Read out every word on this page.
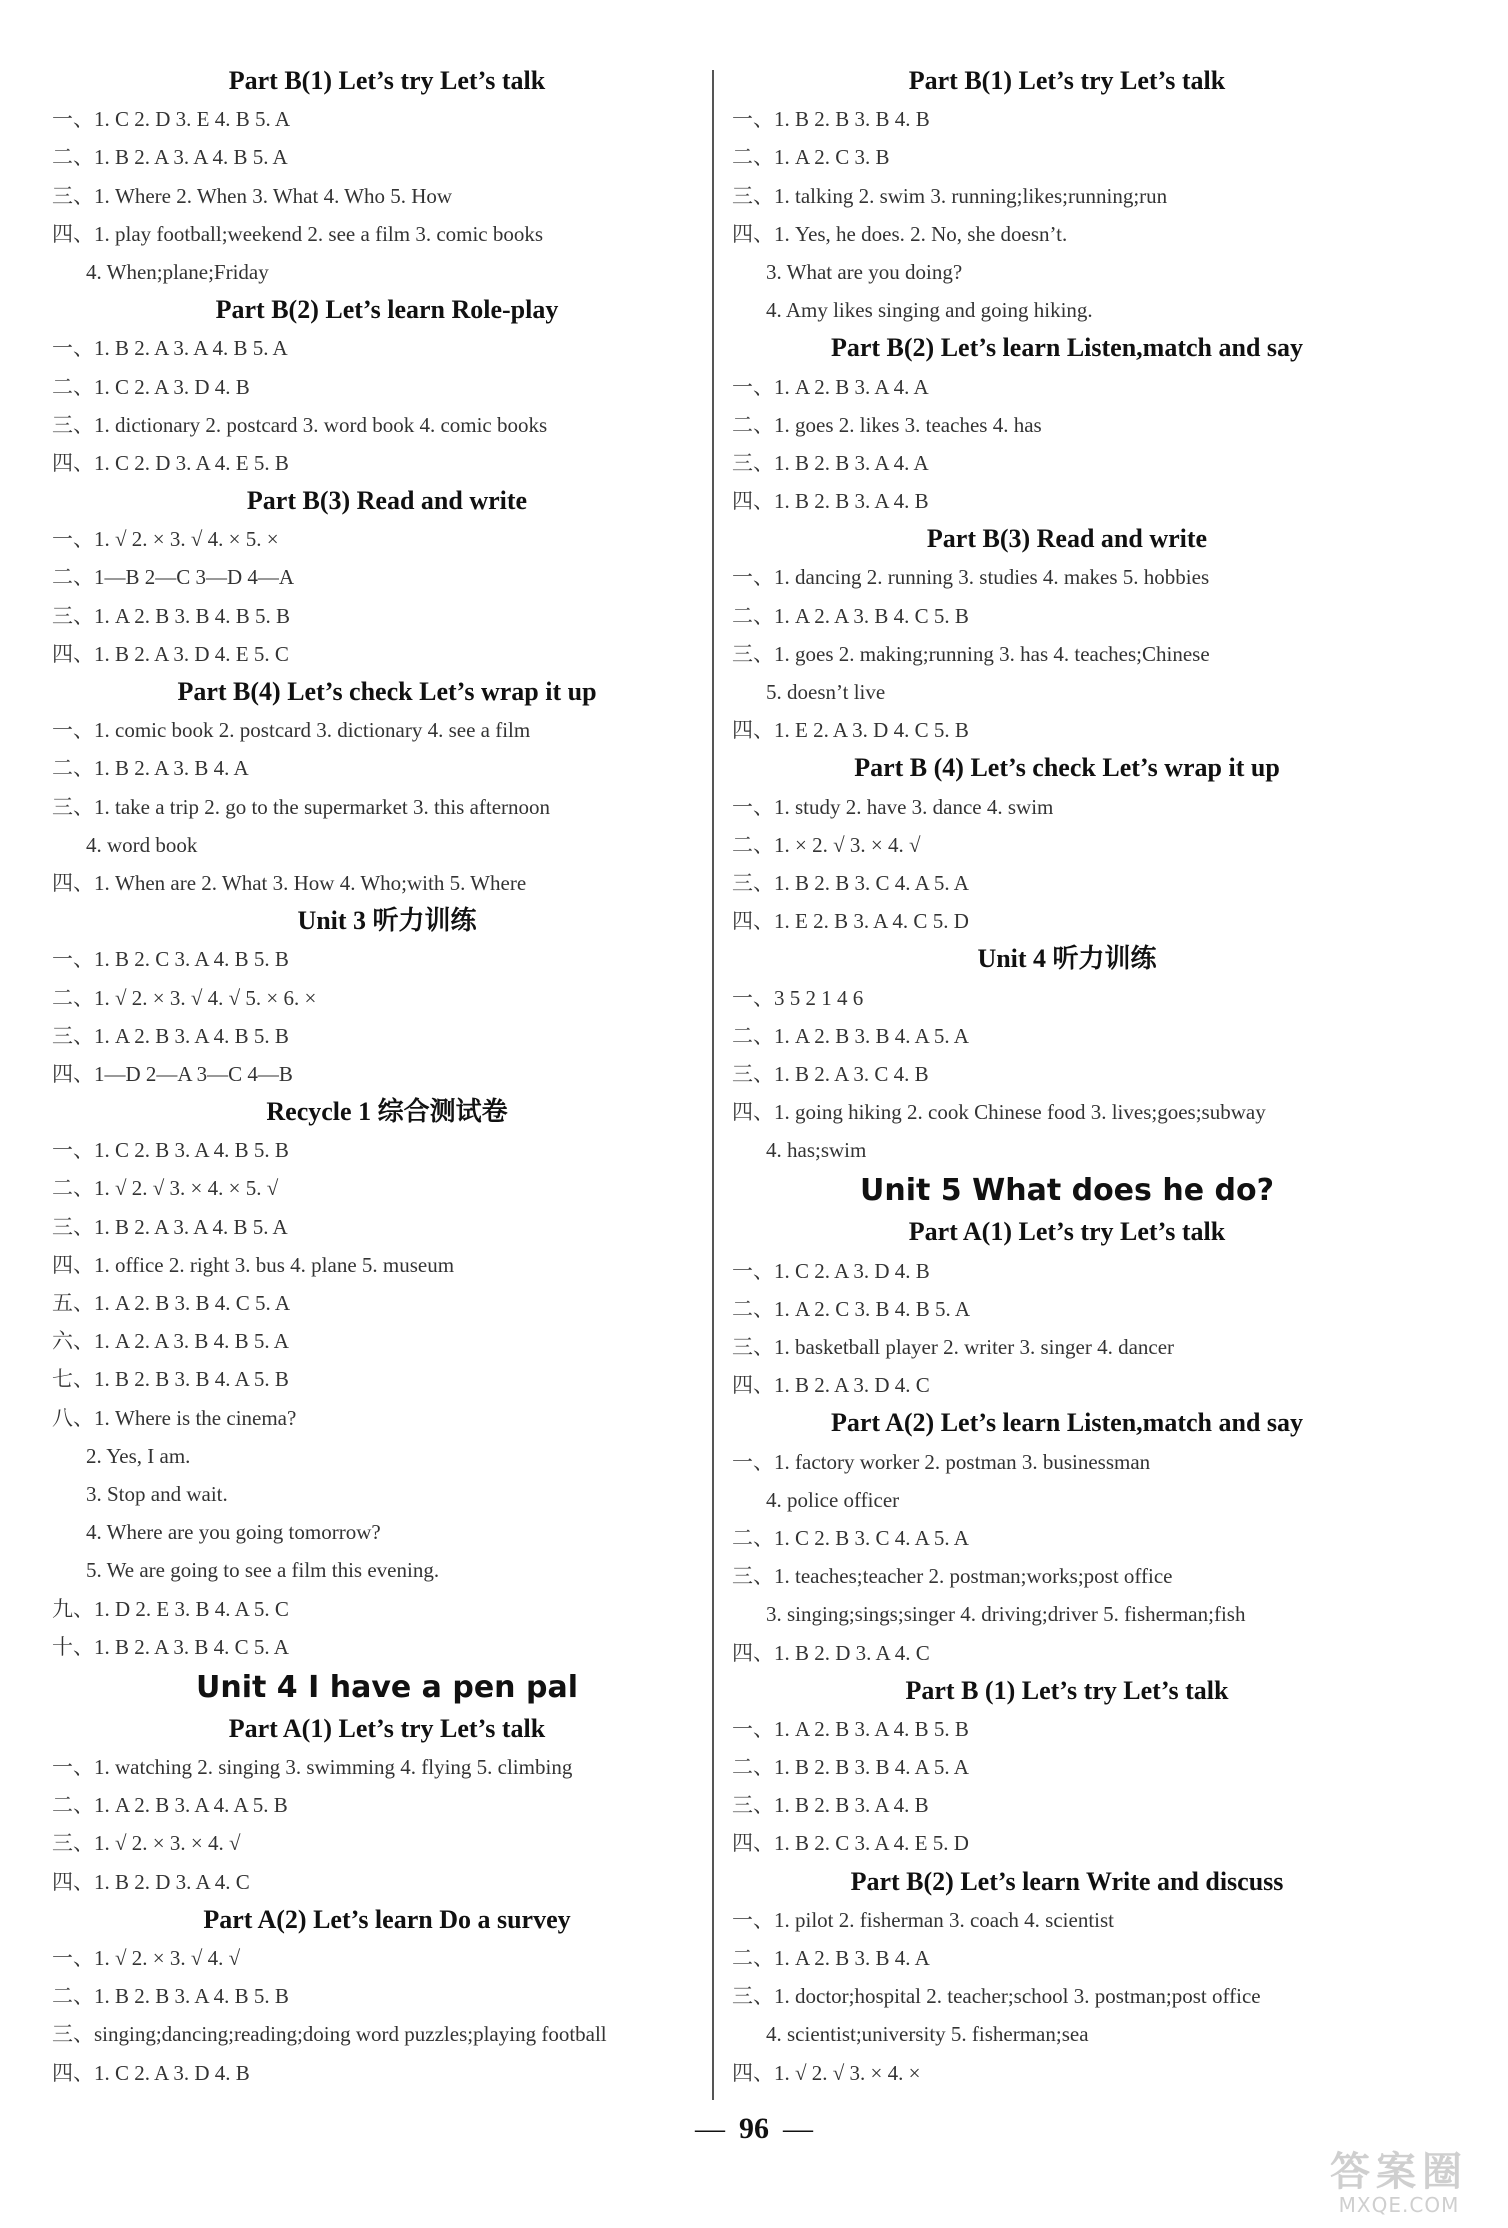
Part B(1) Let’s try Let’s talk
一、1. C 2. D 3. E 4. B 5. A
二、1. B 2. A 3. A 4. B 5. A
三、1. Where 2. When 3. What 4. Who 5. How
四、1. play football;weekend 2. see a film 3. comic books
4. When;plane;Friday
Part B(2) Let’s learn Role-play
一、1. B 2. A 3. A 4. B 5. A
二、1. C 2. A 3. D 4. B
三、1. dictionary 2. postcard 3. word book 4. comic books
四、1. C 2. D 3. A 4. E 5. B
Part B(3) Read and write
一、1. √ 2. × 3. √ 4. × 5. ×
二、1—B 2—C 3—D 4—A
三、1. A 2. B 3. B 4. B 5. B
四、1. B 2. A 3. D 4. E 5. C
Part B(4) Let’s check Let’s wrap it up
一、1. comic book 2. postcard 3. dictionary 4. see a film
二、1. B 2. A 3. B 4. A
三、1. take a trip 2. go to the supermarket 3. this afternoon
4. word book
四、1. When are 2. What 3. How 4. Who;with 5. Where
Unit 3 听力训练
一、1. B 2. C 3. A 4. B 5. B
二、1. √ 2. × 3. √ 4. √ 5. × 6. ×
三、1. A 2. B 3. A 4. B 5. B
四、1—D 2—A 3—C 4—B
Recycle 1 综合测试卷
一、1. C 2. B 3. A 4. B 5. B
二、1. √ 2. √ 3. × 4. × 5. √
三、1. B 2. A 3. A 4. B 5. A
四、1. office 2. right 3. bus 4. plane 5. museum
五、1. A 2. B 3. B 4. C 5. A
六、1. A 2. A 3. B 4. B 5. A
七、1. B 2. B 3. B 4. A 5. B
八、1. Where is the cinema?
2. Yes, I am.
3. Stop and wait.
4. Where are you going tomorrow?
5. We are going to see a film this evening.
九、1. D 2. E 3. B 4. A 5. C
十、1. B 2. A 3. B 4. C 5. A
Unit 4 I have a pen pal
Part A(1) Let’s try Let’s talk
一、1. watching 2. singing 3. swimming 4. flying 5. climbing
二、1. A 2. B 3. A 4. A 5. B
三、1. √ 2. × 3. × 4. √
四、1. B 2. D 3. A 4. C
Part A(2) Let’s learn Do a survey
一、1. √ 2. × 3. √ 4. √
二、1. B 2. B 3. A 4. B 5. B
三、singing;dancing;reading;doing word puzzles;playing football
四、1. C 2. A 3. D 4. B
Part B(1) Let’s try Let’s talk
一、1. B 2. B 3. B 4. B
二、1. A 2. C 3. B
三、1. talking 2. swim 3. running;likes;running;run
四、1. Yes, he does. 2. No, she doesn’t.
3. What are you doing?
4. Amy likes singing and going hiking.
Part B(2) Let’s learn Listen,match and say
一、1. A 2. B 3. A 4. A
二、1. goes 2. likes 3. teaches 4. has
三、1. B 2. B 3. A 4. A
四、1. B 2. B 3. A 4. B
Part B(3) Read and write
一、1. dancing 2. running 3. studies 4. makes 5. hobbies
二、1. A 2. A 3. B 4. C 5. B
三、1. goes 2. making;running 3. has 4. teaches;Chinese
5. doesn’t live
四、1. E 2. A 3. D 4. C 5. B
Part B (4) Let’s check Let’s wrap it up
一、1. study 2. have 3. dance 4. swim
二、1. × 2. √ 3. × 4. √
三、1. B 2. B 3. C 4. A 5. A
四、1. E 2. B 3. A 4. C 5. D
Unit 4 听力训练
一、3 5 2 1 4 6
二、1. A 2. B 3. B 4. A 5. A
三、1. B 2. A 3. C 4. B
四、1. going hiking 2. cook Chinese food 3. lives;goes;subway
4. has;swim
Unit 5 What does he do?
Part A(1) Let’s try Let’s talk
一、1. C 2. A 3. D 4. B
二、1. A 2. C 3. B 4. B 5. A
三、1. basketball player 2. writer 3. singer 4. dancer
四、1. B 2. A 3. D 4. C
Part A(2) Let’s learn Listen,match and say
一、1. factory worker 2. postman 3. businessman
4. police officer
二、1. C 2. B 3. C 4. A 5. A
三、1. teaches;teacher 2. postman;works;post office
3. singing;sings;singer 4. driving;driver 5. fisherman;fish
四、1. B 2. D 3. A 4. C
Part B (1) Let’s try Let’s talk
一、1. A 2. B 3. A 4. B 5. B
二、1. B 2. B 3. B 4. A 5. A
三、1. B 2. B 3. A 4. B
四、1. B 2. C 3. A 4. E 5. D
Part B(2) Let’s learn Write and discuss
一、1. pilot 2. fisherman 3. coach 4. scientist
二、1. A 2. B 3. B 4. A
三、1. doctor;hospital 2. teacher;school 3. postman;post office
4. scientist;university 5. fisherman;sea
四、1. √ 2. √ 3. × 4. ×
— 96 —
答案圈
MXQE.COM
